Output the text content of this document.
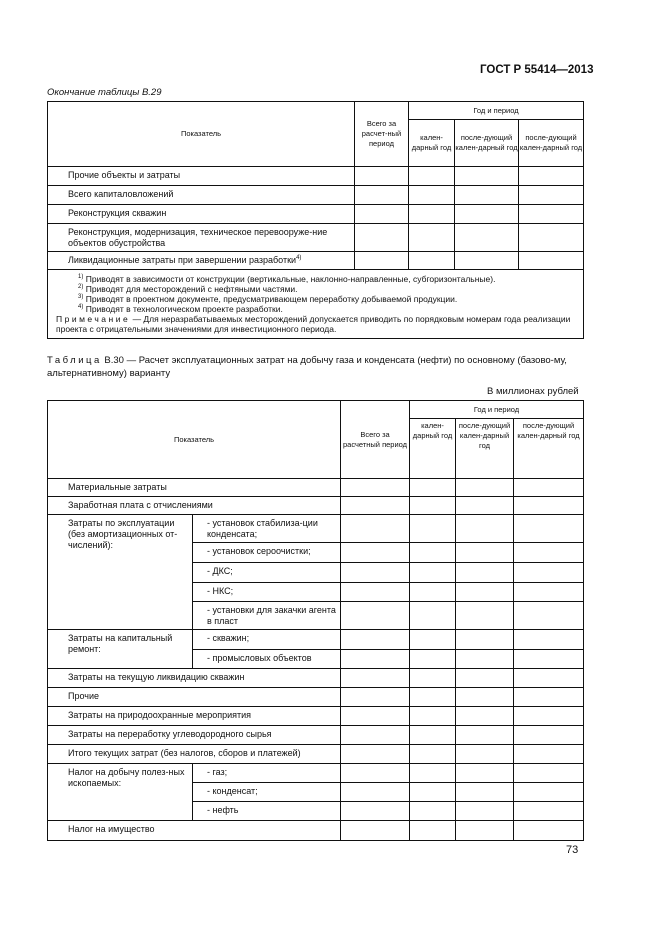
ГОСТ Р 55414—2013
Окончание таблицы В.29
Показатель	Всего за расчет-ный период	Год и период		
		кален-дарный год	после-дующий кален-дарный год	после-дующий кален-дарный год
Прочие объекты и затраты				
Всего капиталовложений				
Реконструкция скважин				
Реконструкция, модернизация, техническое перевооруже-ние объектов обустройства				
Ликвидационные затраты при завершении разработки$^{4)}$				

$^{1)}$ Приводят в зависимости от конструкции (вертикальные, наклонно-направленные, субгоризонтальные).
$^{2)}$ Приводят для месторождений с нефтяными частями.
$^{3)}$ Приводят в проектном документе, предусматривающем переработку добываемой продукции.
$^{4)}$ Приводят в технологическом проекте разработки.
Примечание — Для неразрабатываемых месторождений допускается приводить по порядковым номерам года реализации проекта с отрицательными значениями для инвестиционного периода.				
Таблица В.30 — Расчет эксплуатационных затрат на добычу газа и конденсата (нефти) по основному (базово-му, альтернативному) варианту
В миллионах рублей
Показатель		Всего за расчетный период	Год и период		
			кален-дарный год	после-дующий кален-дарный год	после-дующий кален-дарный год
Материальные затраты					
Заработная плата с отчислениями					
Затраты по эксплуатации (без амортизационных от-числений):	- установок стабилиза-ции конденсата;				
	- установок сероочистки;				
	- ДКС;				
	- НКС;				
	- установки для закачки агента в пласт				
Затраты на капитальный ремонт:	- скважин;				
	- промысловых объектов				
Затраты на текущую ликвидацию скважин					
Прочие					
Затраты на природоохранные мероприятия					
Затраты на переработку углеводородного сырья					
Итого текущих затрат (без налогов, сборов и платежей)					
Налог на добычу полез-ных ископаемых:	- газ;				
	- конденсат;				
	- нефть				
Налог на имущество					
73
